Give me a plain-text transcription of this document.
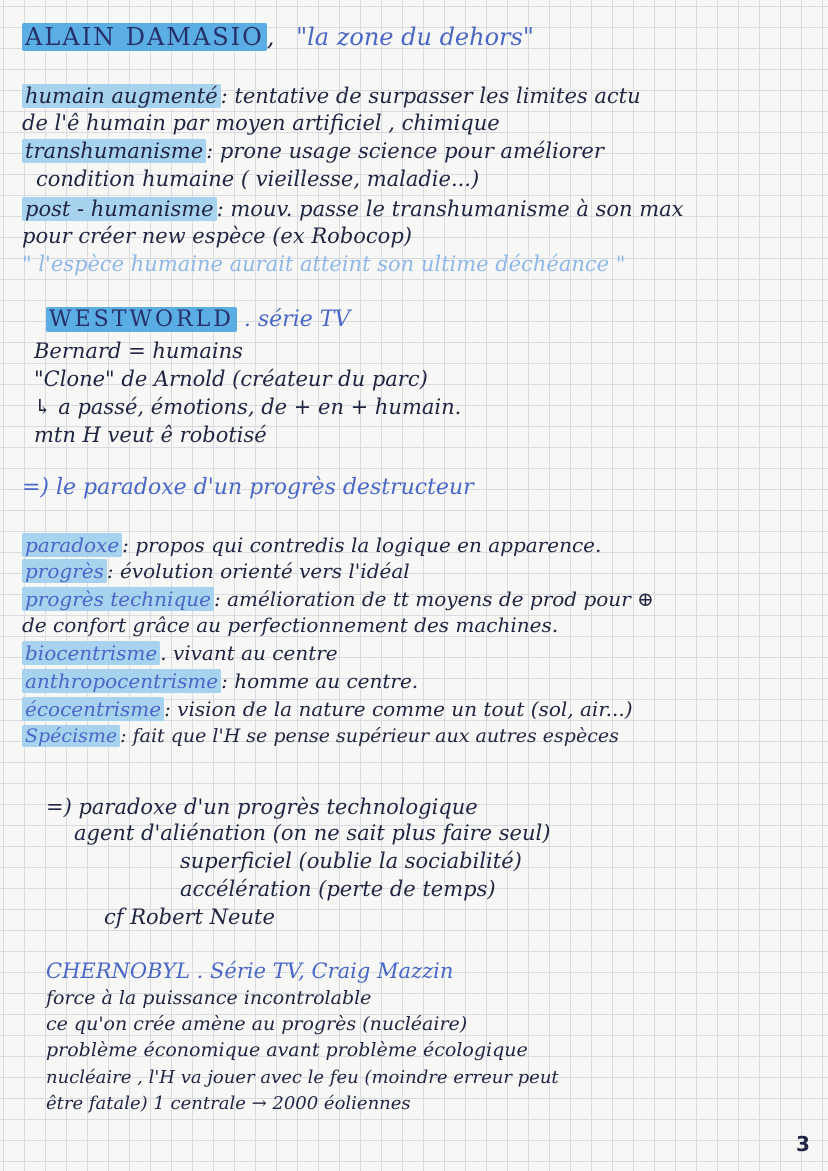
ALAIN DAMASIO , "la zone du dehors"
humain augmenté : tentative de surpasser les limites actu
de l'ê humain par moyen artificiel , chimique
transhumanisme : prone usage science pour améliorer
condition humaine ( vieillesse, maladie...)
post - humanisme : mouv. passe le transhumanisme à son max
pour créer new espèce (ex Robocop)
" l'espèce humaine aurait atteint son ultime déchéance "
WESTWORLD . série TV
Bernard = humains
"Clone" de Arnold (créateur du parc)
↳ a passé, émotions, de + en + humain.
mtn H veut ê robotisé
=) le paradoxe d'un progrès destructeur
paradoxe : propos qui contredis la logique en apparence.
progrès : évolution orienté vers l'idéal
progrès technique : amélioration de tt moyens de prod pour ⊕
de confort grâce au perfectionnement des machines.
biocentrisme . vivant au centre
anthropocentrisme : homme au centre.
écocentrisme : vision de la nature comme un tout (sol, air...)
Spécisme : fait que l'H se pense supérieur aux autres espèces
=) paradoxe d'un progrès technologique
agent d'aliénation (on ne sait plus faire seul)
superficiel (oublie la sociabilité)
accélération (perte de temps)
cf Robert Neute
CHERNOBYL . Série TV, Craig Mazzin
force à la puissance incontrolable
ce qu'on crée amène au progrès (nucléaire)
problème économique avant problème écologique
nucléaire , l'H va jouer avec le feu (moindre erreur peut
être fatale) 1 centrale → 2000 éoliennes
3
